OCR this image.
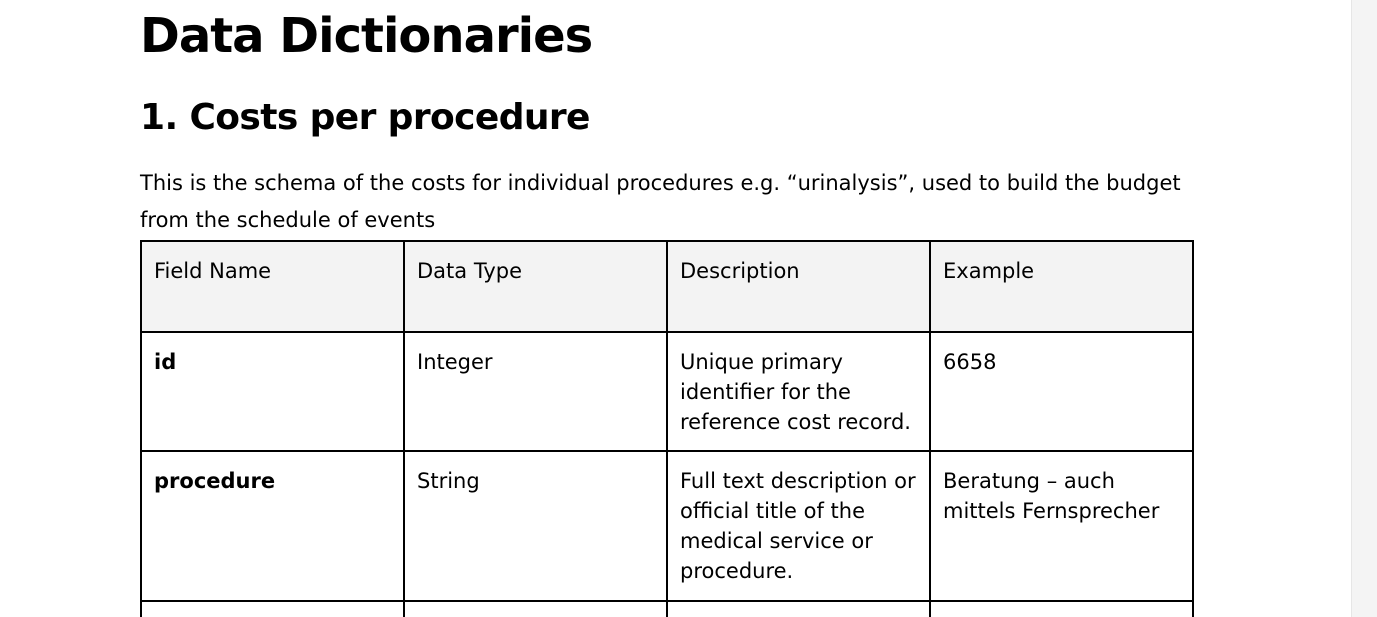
Data Dictionaries
1. Costs per procedure

This is the schema of the costs for individual procedures e.g. “urinalysis”, used to build the budget from the schedule of events

Field Name	Data Type	Description	Example
id	Integer	Unique primary identifier for the reference cost record.	6658
procedure	String	Full text description or official title of the medical service or procedure.	Beratung – auch mittels Fernsprecher
